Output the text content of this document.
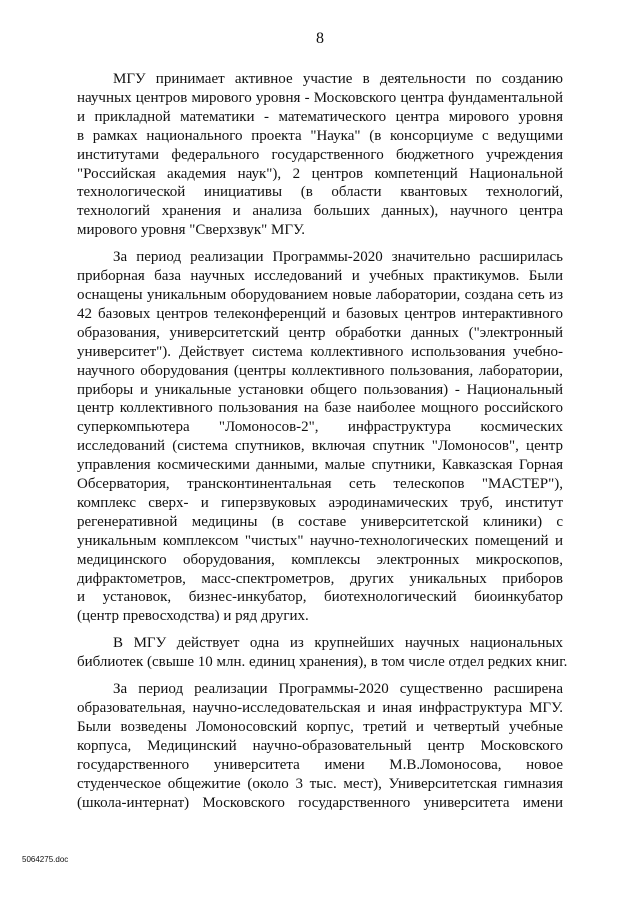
8

МГУ принимает активное участие в деятельности по созданию
научных центров мирового уровня - Московского центра фундаментальной
и прикладной математики - математического центра мирового уровня
в рамках национального проекта "Наука" (в консорциуме с ведущими
институтами федерального государственного бюджетного учреждения
"Российская академия наук"), 2 центров компетенций Национальной
технологической инициативы (в области квантовых технологий,
технологий хранения и анализа больших данных), научного центра
мирового уровня "Сверхзвук" МГУ.

За период реализации Программы-2020 значительно расширилась
приборная база научных исследований и учебных практикумов. Были
оснащены уникальным оборудованием новые лаборатории, создана сеть из
42 базовых центров телеконференций и базовых центров интерактивного
образования, университетский центр обработки данных ("электронный
университет"). Действует система коллективного использования учебно-
научного оборудования (центры коллективного пользования, лаборатории,
приборы и уникальные установки общего пользования) - Национальный
центр коллективного пользования на базе наиболее мощного российского
суперкомпьютера "Ломоносов-2", инфраструктура космических
исследований (система спутников, включая спутник "Ломоносов", центр
управления космическими данными, малые спутники, Кавказская Горная
Обсерватория, трансконтинентальная сеть телескопов "МАСТЕР"),
комплекс сверх- и гиперзвуковых аэродинамических труб, институт
регенеративной медицины (в составе университетской клиники) с
уникальным комплексом "чистых" научно-технологических помещений и
медицинского оборудования, комплексы электронных микроскопов,
дифрактометров, масс-спектрометров, других уникальных приборов
и установок, бизнес-инкубатор, биотехнологический биоинкубатор
(центр превосходства) и ряд других.

В МГУ действует одна из крупнейших научных национальных
библиотек (свыше 10 млн. единиц хранения), в том числе отдел редких книг.

За период реализации Программы-2020 существенно расширена
образовательная, научно-исследовательская и иная инфраструктура МГУ.
Были возведены Ломоносовский корпус, третий и четвертый учебные
корпуса, Медицинский научно-образовательный центр Московского
государственного университета имени М.В.Ломоносова, новое
студенческое общежитие (около 3 тыс. мест), Университетская гимназия
(школа-интернат) Московского государственного университета имени

5064275.doc
